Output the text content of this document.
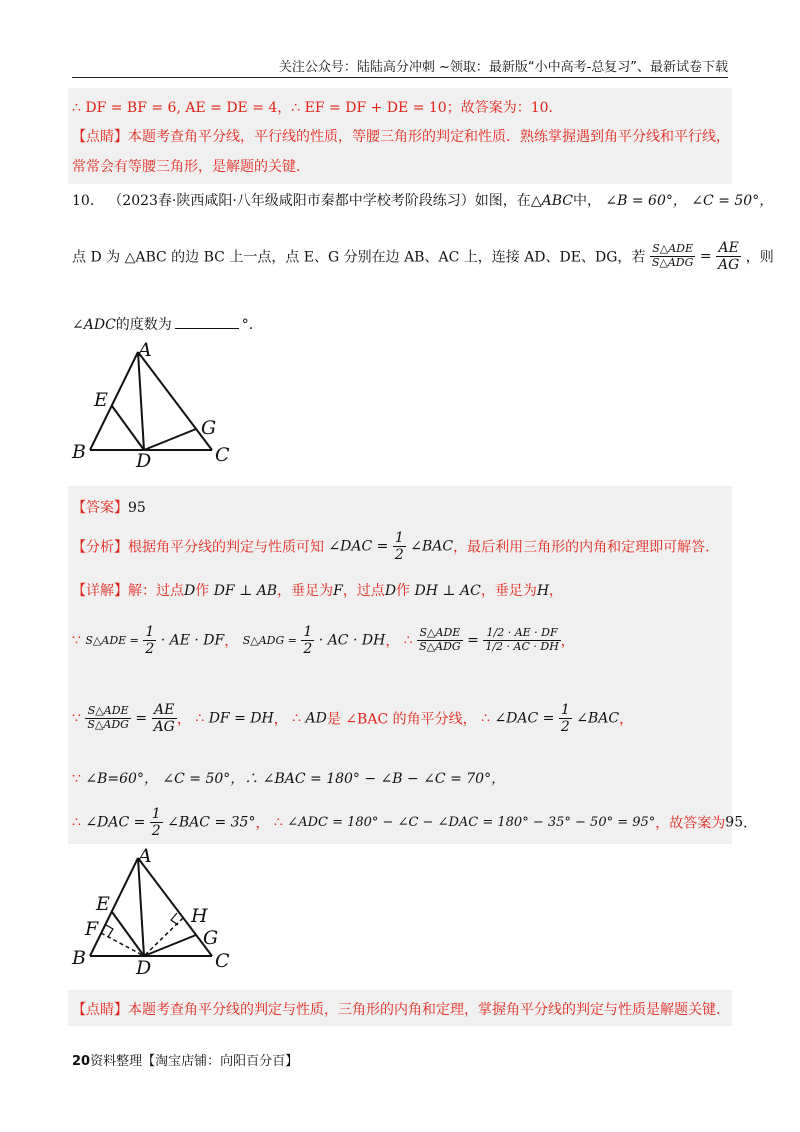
关注公众号：陆陆高分冲刺 ~领取：最新版“小中高考-总复习”、最新试卷下载
∴ DF = BF = 6, AE = DE = 4，∴ EF = DF + DE = 10；故答案为：10．
【点睛】本题考查角平分线，平行线的性质，等腰三角形的判定和性质．熟练掌握遇到角平分线和平行线，
常常会有等腰三角形，是解题的关键．
10． （2023春·陕西咸阳·八年级咸阳市秦都中学校考阶段练习）如图，在△ABC中， ∠B = 60°， ∠C = 50°，
点 D 为 △ABC 的边 BC 上一点，点 E、G 分别在边 AB、AC 上，连接 AD、DE、DG，若 $\frac{\text{S△ADE}}{\text{S△ADG}} = \frac{AE}{AG}$ ，则
∠ADC的度数为	°．
A
B	C
D
E
G
【答案】95
【分析】根据角平分线的判定与性质可知 ∠DAC = $\frac{1}{2}$ ∠BAC，最后利用三角形的内角和定理即可解答．
【详解】解：过点D作 DF ⊥ AB，垂足为F，过点D作 DH ⊥ AC，垂足为H，
∵ S△ADE = $\frac{1}{2}$ · AE · DF， S△ADG = $\frac{1}{2}$ · AC · DH， ∴ $\frac{\text{S△ADE}}{\text{S△ADG}} = \frac{1/2 \cdot AE \cdot DF}{1/2 \cdot AC \cdot DH}$ ，
∵ $\frac{\text{S△ADE}}{\text{S△ADG}} = \frac{AE}{AG}$ ， ∴ DF = DH， ∴ AD是 ∠BAC 的角平分线， ∴ ∠DAC = $\frac{1}{2}$ ∠BAC，
∵ ∠B=60°， ∠C = 50°，∴ ∠BAC = 180° − ∠B − ∠C = 70°，
∴ ∠DAC = $\frac{1}{2}$ ∠BAC = 35°， ∴ ∠ADC = 180° − ∠C − ∠DAC = 180° − 35° − 50° = 95°，故答案为95．
A
B	C
D
E
F	G
H
【点睛】本题考查角平分线的判定与性质，三角形的内角和定理，掌握角平分线的判定与性质是解题关键．
20资料整理【淘宝店铺：向阳百分百】
